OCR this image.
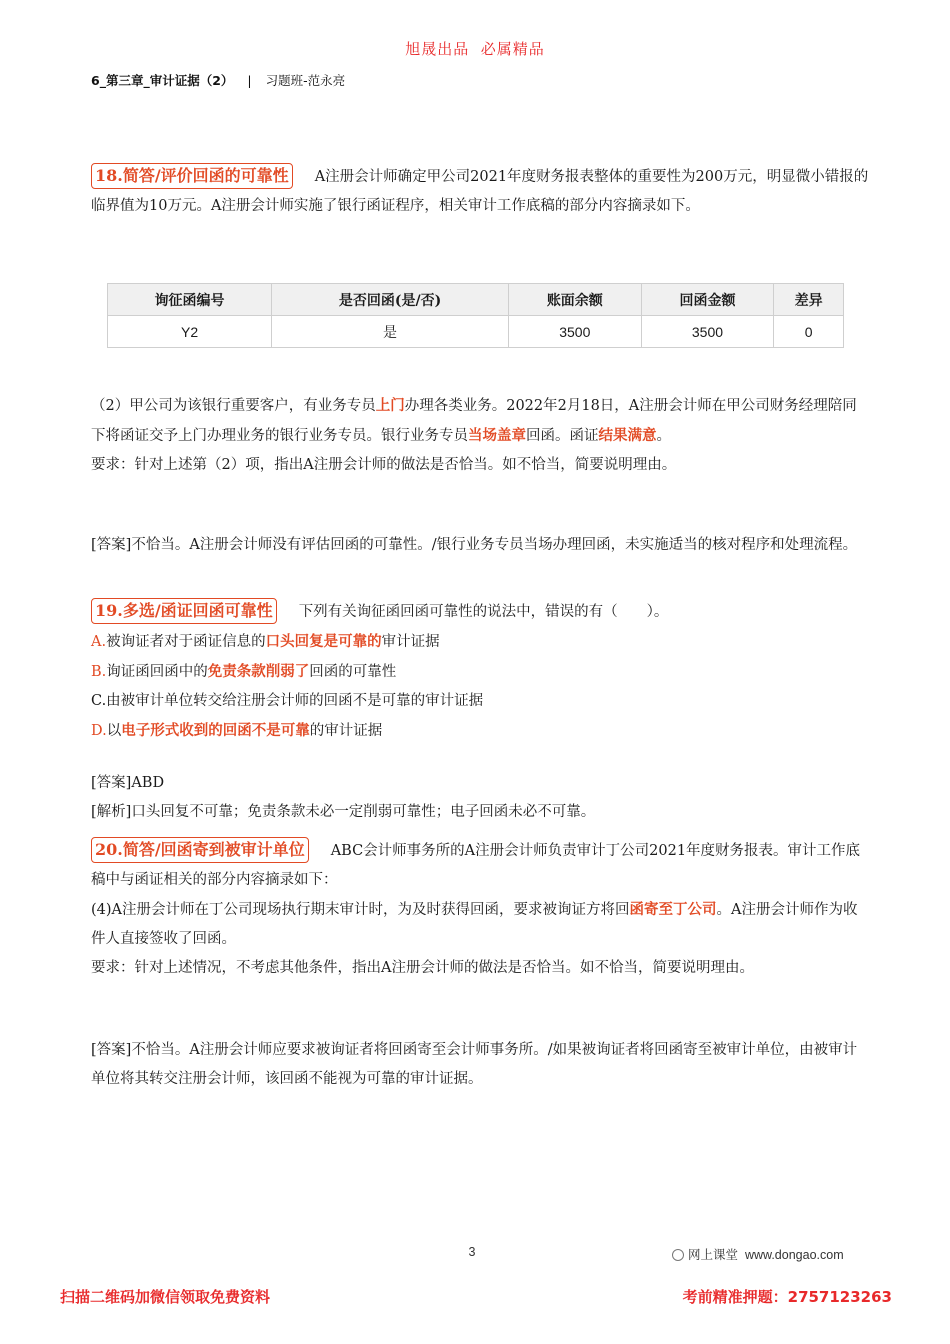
旭晟出品  必属精品
6_第三章_审计证据（2） | 习题班-范永亮

18.简答/评价回函的可靠性 A注册会计师确定甲公司2021年度财务报表整体的重要性为200万元，明显微小错报的临界值为10万元。A注册会计师实施了银行函证程序，相关审计工作底稿的部分内容摘录如下。

询征函编号	是否回函(是/否)	账面余额	回函金额	差异
Y2	是	3500	3500	0

（2）甲公司为该银行重要客户，有业务专员上门办理各类业务。2022年2月18日，A注册会计师在甲公司财务经理陪同下将函证交予上门办理业务的银行业务专员。银行业务专员当场盖章回函。函证结果满意。

要求：针对上述第（2）项，指出A注册会计师的做法是否恰当。如不恰当，简要说明理由。

[答案]不恰当。A注册会计师没有评估回函的可靠性。/银行业务专员当场办理回函，未实施适当的核对程序和处理流程。

19.多选/函证回函可靠性 下列有关询征函回函可靠性的说法中，错误的有（　　）。

A.被询证者对于函证信息的口头回复是可靠的审计证据

B.询证函回函中的免责条款削弱了回函的可靠性

C.由被审计单位转交给注册会计师的回函不是可靠的审计证据

D.以电子形式收到的回函不是可靠的审计证据

[答案]ABD

[解析]口头回复不可靠；免责条款未必一定削弱可靠性；电子回函未必不可靠。

20.简答/回函寄到被审计单位 ABC会计师事务所的A注册会计师负责审计丁公司2021年度财务报表。审计工作底稿中与函证相关的部分内容摘录如下：

(4)A注册会计师在丁公司现场执行期末审计时，为及时获得回函，要求被询证方将回函寄至丁公司。A注册会计师作为收件人直接签收了回函。

要求：针对上述情况，不考虑其他条件，指出A注册会计师的做法是否恰当。如不恰当，简要说明理由。

[答案]不恰当。A注册会计师应要求被询证者将回函寄至会计师事务所。/如果被询证者将回函寄至被审计单位，由被审计单位将其转交注册会计师，该回函不能视为可靠的审计证据。

3	网上课堂  www.dongao.com
扫描二维码加微信领取免费资料	考前精准押题：2757123263
